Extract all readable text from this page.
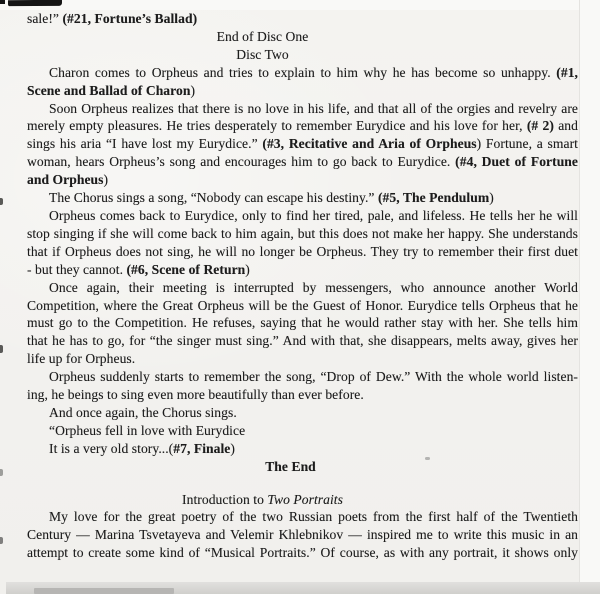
sale!” (#21, Fortune’s Ballad)
End of Disc One
Disc Two
Charon comes to Orpheus and tries to explain to him why he has become so unhappy. (#1,
Scene and Ballad of Charon)
Soon Orpheus realizes that there is no love in his life, and that all of the orgies and revelry are
merely empty pleasures. He tries desperately to remember Eurydice and his love for her, (# 2) and
sings his aria “I have lost my Eurydice.” (#3, Recitative and Aria of Orpheus) Fortune, a smart
woman, hears Orpheus’s song and encourages him to go back to Eurydice. (#4, Duet of Fortune
and Orpheus)
The Chorus sings a song, “Nobody can escape his destiny.” (#5, The Pendulum)
Orpheus comes back to Eurydice, only to find her tired, pale, and lifeless. He tells her he will
stop singing if she will come back to him again, but this does not make her happy. She understands
that if Orpheus does not sing, he will no longer be Orpheus. They try to remember their first duet
- but they cannot. (#6, Scene of Return)
Once again, their meeting is interrupted by messengers, who announce another World
Competition, where the Great Orpheus will be the Guest of Honor. Eurydice tells Orpheus that he
must go to the Competition. He refuses, saying that he would rather stay with her. She tells him
that he has to go, for “the singer must sing.” And with that, she disappears, melts away, gives her
life up for Orpheus.
Orpheus suddenly starts to remember the song, “Drop of Dew.” With the whole world listen-
ing, he beings to sing even more beautifully than ever before.
And once again, the Chorus sings.
“Orpheus fell in love with Eurydice
It is a very old story...(#7, Finale)
The End
Introduction to Two Portraits
My love for the great poetry of the two Russian poets from the first half of the Twentieth
Century — Marina Tsvetayeva and Velemir Khlebnikov — inspired me to write this music in an
attempt to create some kind of “Musical Portraits.” Of course, as with any portrait, it shows only
